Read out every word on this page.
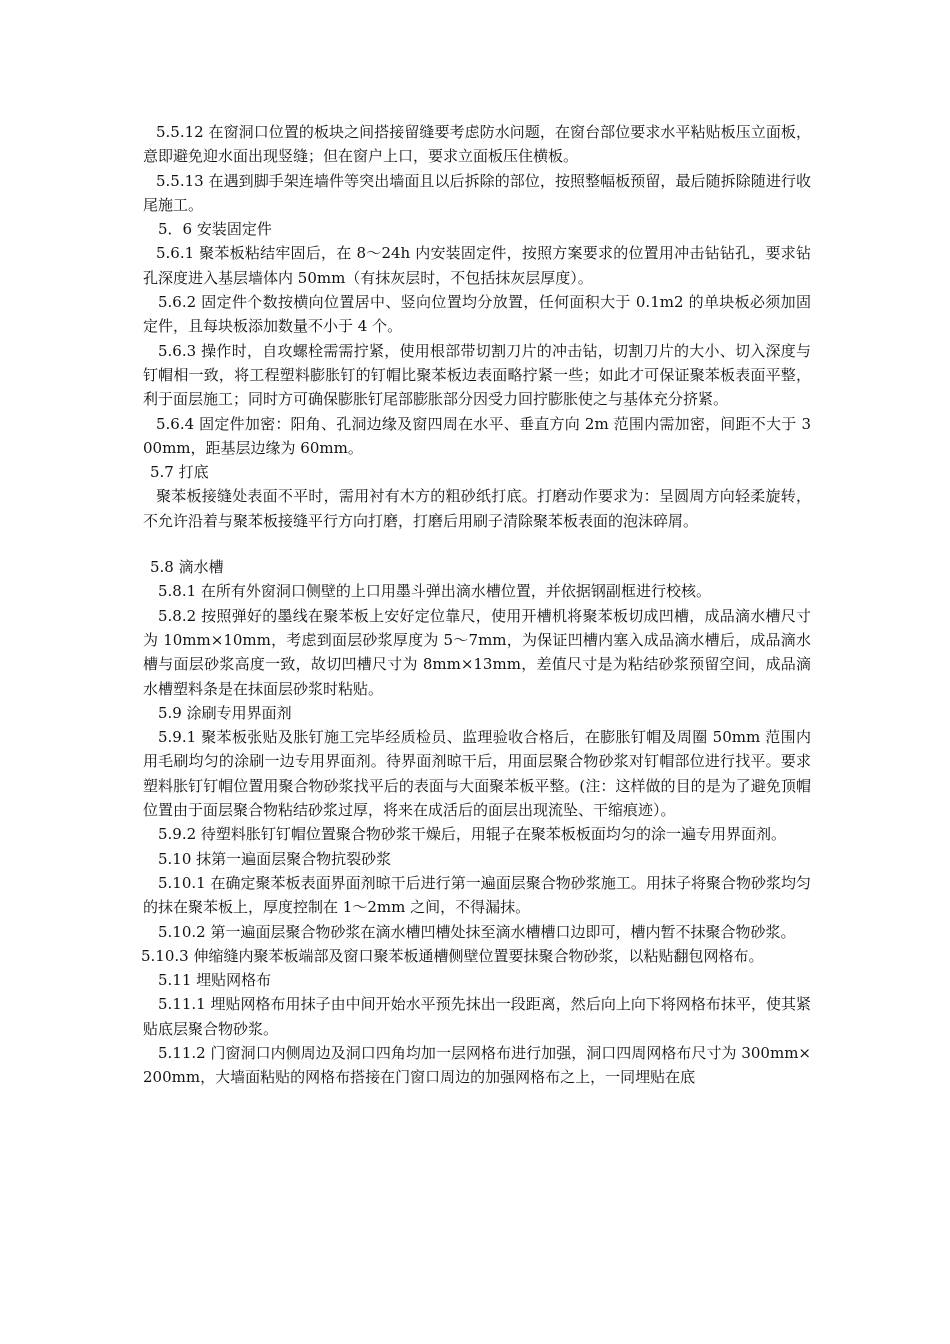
5.5.12 在窗洞口位置的板块之间搭接留缝要考虑防水问题，在窗台部位要求水平粘贴板压立面板，意即避免迎水面出现竖缝；但在窗户上口，要求立面板压住横板。

5.5.13 在遇到脚手架连墙件等突出墙面且以后拆除的部位，按照整幅板预留，最后随拆除随进行收尾施工。

5．6 安装固定件

5.6.1 聚苯板粘结牢固后，在 8～24h 内安装固定件，按照方案要求的位置用冲击钻钻孔，要求钻孔深度进入基层墙体内 50mm（有抹灰层时，不包括抹灰层厚度）。

5.6.2 固定件个数按横向位置居中、竖向位置均分放置，任何面积大于 0.1m2 的单块板必须加固定件，且每块板添加数量不小于 4 个。

5.6.3 操作时，自攻螺栓需需拧紧，使用根部带切割刀片的冲击钻，切割刀片的大小、切入深度与钉帽相一致，将工程塑料膨胀钉的钉帽比聚苯板边表面略拧紧一些；如此才可保证聚苯板表面平整，利于面层施工；同时方可确保膨胀钉尾部膨胀部分因受力回拧膨胀使之与基体充分挤紧。

5.6.4 固定件加密：阳角、孔洞边缘及窗四周在水平、垂直方向 2m 范围内需加密，间距不大于 300mm，距基层边缘为 60mm。

5.7 打底

聚苯板接缝处表面不平时，需用衬有木方的粗砂纸打底。打磨动作要求为：呈圆周方向轻柔旋转，不允许沿着与聚苯板接缝平行方向打磨，打磨后用刷子清除聚苯板表面的泡沫碎屑。

5.8 滴水槽

5.8.1 在所有外窗洞口侧壁的上口用墨斗弹出滴水槽位置，并依据钢副框进行校核。

5.8.2 按照弹好的墨线在聚苯板上安好定位靠尺，使用开槽机将聚苯板切成凹槽，成品滴水槽尺寸为 10mm×10mm，考虑到面层砂浆厚度为 5～7mm，为保证凹槽内塞入成品滴水槽后，成品滴水槽与面层砂浆高度一致，故切凹槽尺寸为 8mm×13mm，差值尺寸是为粘结砂浆预留空间，成品滴水槽塑料条是在抹面层砂浆时粘贴。

5.9 涂刷专用界面剂

5.9.1 聚苯板张贴及胀钉施工完毕经质检员、监理验收合格后，在膨胀钉帽及周圈 50mm 范围内用毛刷均匀的涂刷一边专用界面剂。待界面剂晾干后，用面层聚合物砂浆对钉帽部位进行找平。要求塑料胀钉钉帽位置用聚合物砂浆找平后的表面与大面聚苯板平整。(注：这样做的目的是为了避免顶帽位置由于面层聚合物粘结砂浆过厚，将来在成活后的面层出现流坠、干缩痕迹）。

5.9.2 待塑料胀钉钉帽位置聚合物砂浆干燥后，用辊子在聚苯板板面均匀的涂一遍专用界面剂。

5.10 抹第一遍面层聚合物抗裂砂浆

5.10.1 在确定聚苯板表面界面剂晾干后进行第一遍面层聚合物砂浆施工。用抹子将聚合物砂浆均匀的抹在聚苯板上，厚度控制在 1～2mm 之间，不得漏抹。

5.10.2 第一遍面层聚合物砂浆在滴水槽凹槽处抹至滴水槽槽口边即可，槽内暂不抹聚合物砂浆。

5.10.3 伸缩缝内聚苯板端部及窗口聚苯板通槽侧壁位置要抹聚合物砂浆，以粘贴翻包网格布。

5.11 埋贴网格布

5.11.1 埋贴网格布用抹子由中间开始水平预先抹出一段距离，然后向上向下将网格布抹平，使其紧贴底层聚合物砂浆。

5.11.2 门窗洞口内侧周边及洞口四角均加一层网格布进行加强，洞口四周网格布尺寸为 300mm×200mm，大墙面粘贴的网格布搭接在门窗口周边的加强网格布之上，一同埋贴在底
